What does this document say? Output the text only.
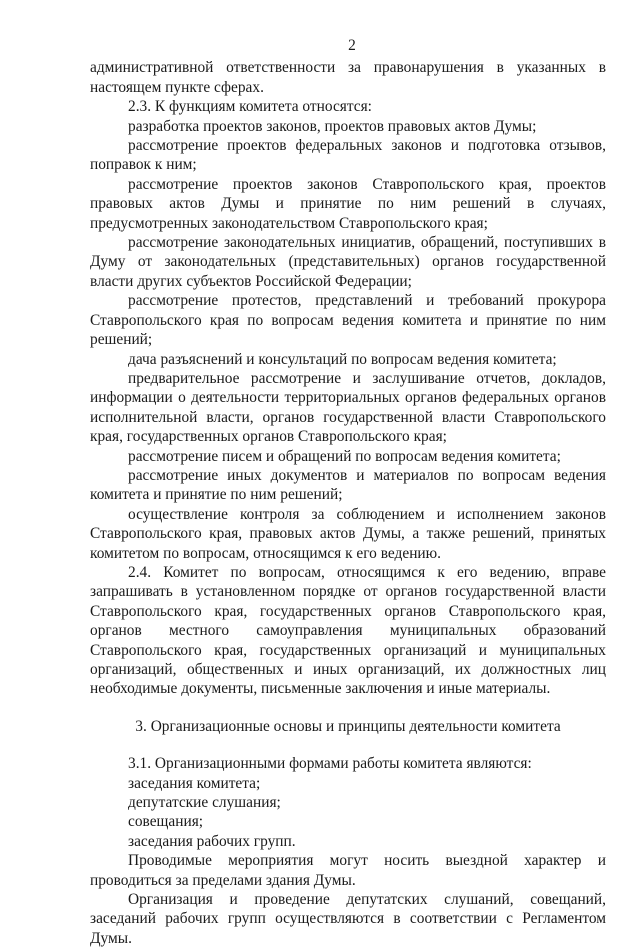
2

административной ответственности за правонарушения в указанных в настоящем пункте сферах.

2.3. К функциям комитета относятся:

разработка проектов законов, проектов правовых актов Думы;

рассмотрение проектов федеральных законов и подготовка отзывов, поправок к ним;

рассмотрение проектов законов Ставропольского края, проектов правовых актов Думы и принятие по ним решений в случаях, предусмотренных законодательством Ставропольского края;

рассмотрение законодательных инициатив, обращений, поступивших в Думу от законодательных (представительных) органов государственной власти других субъектов Российской Федерации;

рассмотрение протестов, представлений и требований прокурора Ставропольского края по вопросам ведения комитета и принятие по ним решений;

дача разъяснений и консультаций по вопросам ведения комитета;

предварительное рассмотрение и заслушивание отчетов, докладов, информации о деятельности территориальных органов федеральных органов исполнительной власти, органов государственной власти Ставропольского края, государственных органов Ставропольского края;

рассмотрение писем и обращений по вопросам ведения комитета;

рассмотрение иных документов и материалов по вопросам ведения комитета и принятие по ним решений;

осуществление контроля за соблюдением и исполнением законов Ставропольского края, правовых актов Думы, а также решений, принятых комитетом по вопросам, относящимся к его ведению.

2.4. Комитет по вопросам, относящимся к его ведению, вправе запрашивать в установленном порядке от органов государственной власти Ставропольского края, государственных органов Ставропольского края, органов местного самоуправления муниципальных образований Ставропольского края, государственных организаций и муниципальных организаций, общественных и иных организаций, их должностных лиц необходимые документы, письменные заключения и иные материалы.

3. Организационные основы и принципы деятельности комитета

3.1. Организационными формами работы комитета являются:

заседания комитета;

депутатские слушания;

совещания;

заседания рабочих групп.

Проводимые мероприятия могут носить выездной характер и проводиться за пределами здания Думы.

Организация и проведение депутатских слушаний, совещаний, заседаний рабочих групп осуществляются в соответствии с Регламентом Думы.
